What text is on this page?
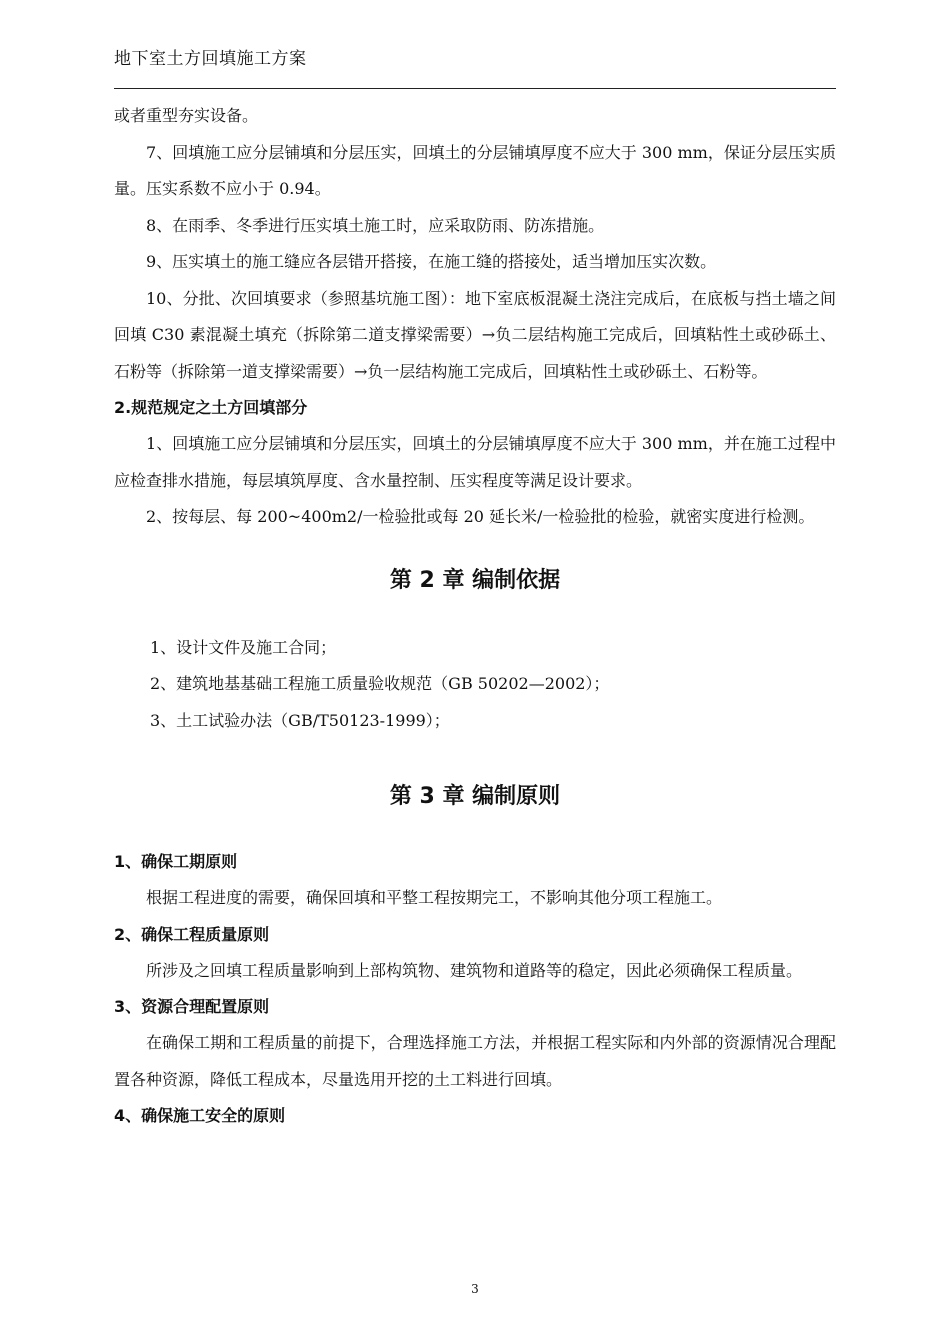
地下室土方回填施工方案

或者重型夯实设备。

7、回填施工应分层铺填和分层压实，回填土的分层铺填厚度不应大于 300 mm，保证分层压实质量。压实系数不应小于 0.94。

8、在雨季、冬季进行压实填土施工时，应采取防雨、防冻措施。

9、压实填土的施工缝应各层错开搭接，在施工缝的搭接处，适当增加压实次数。

10、分批、次回填要求（参照基坑施工图）：地下室底板混凝土浇注完成后，在底板与挡土墙之间回填 C30 素混凝土填充（拆除第二道支撑梁需要）→负二层结构施工完成后，回填粘性土或砂砾土、石粉等（拆除第一道支撑梁需要）→负一层结构施工完成后，回填粘性土或砂砾土、石粉等。

2.规范规定之土方回填部分

1、回填施工应分层铺填和分层压实，回填土的分层铺填厚度不应大于 300 mm，并在施工过程中应检查排水措施，每层填筑厚度、含水量控制、压实程度等满足设计要求。

2、按每层、每 200~400m2/一检验批或每 20 延长米/一检验批的检验，就密实度进行检测。

第 2 章 编制依据

1、设计文件及施工合同；

2、建筑地基基础工程施工质量验收规范（GB 50202—2002）；

3、土工试验办法（GB/T50123-1999）；

第 3 章 编制原则

1、确保工期原则

根据工程进度的需要，确保回填和平整工程按期完工，不影响其他分项工程施工。

2、确保工程质量原则

所涉及之回填工程质量影响到上部构筑物、建筑物和道路等的稳定，因此必须确保工程质量。

3、资源合理配置原则

在确保工期和工程质量的前提下，合理选择施工方法，并根据工程实际和内外部的资源情况合理配置各种资源，降低工程成本，尽量选用开挖的土工料进行回填。

4、确保施工安全的原则

3
